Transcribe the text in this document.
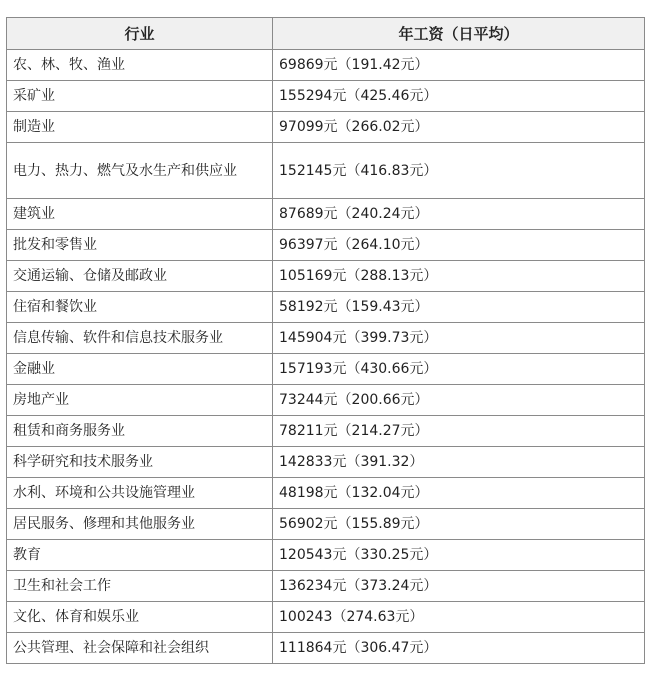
行业	年工资（日平均）
农、林、牧、渔业	69869元（191.42元）
采矿业	155294元（425.46元）
制造业	97099元（266.02元）
电力、热力、燃气及水生产和供应业	152145元（416.83元）
建筑业	87689元（240.24元）
批发和零售业	96397元（264.10元）
交通运输、仓储及邮政业	105169元（288.13元）
住宿和餐饮业	58192元（159.43元）
信息传输、软件和信息技术服务业	145904元（399.73元）
金融业	157193元（430.66元）
房地产业	73244元（200.66元）
租赁和商务服务业	78211元（214.27元）
科学研究和技术服务业	142833元（391.32）
水利、环境和公共设施管理业	48198元（132.04元）
居民服务、修理和其他服务业	56902元（155.89元）
教育	120543元（330.25元）
卫生和社会工作	136234元（373.24元）
文化、体育和娱乐业	100243（274.63元）
公共管理、社会保障和社会组织	111864元（306.47元）
